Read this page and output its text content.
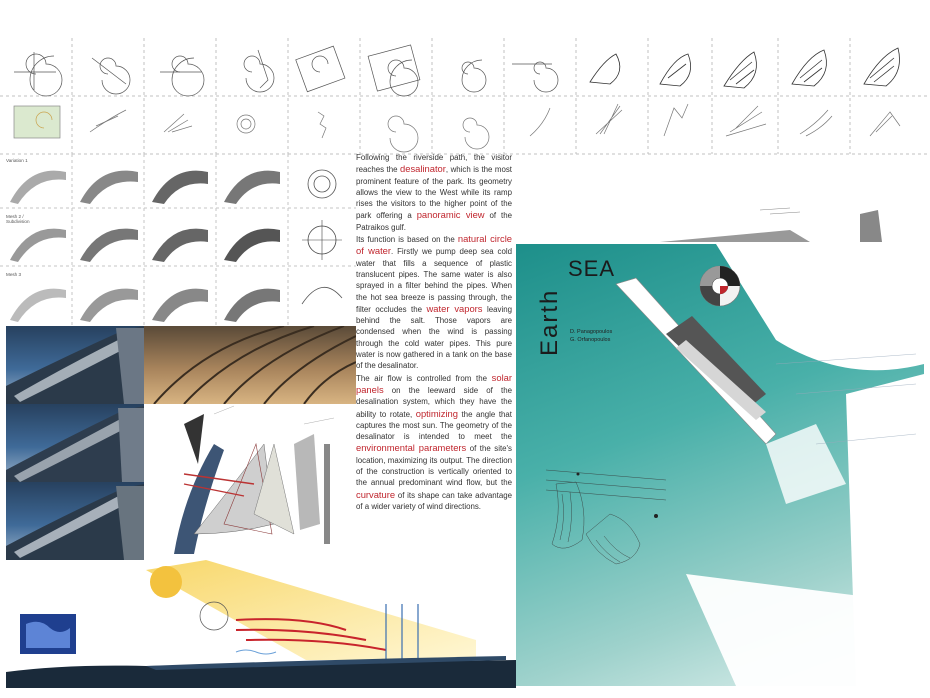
Variation 1
Mesh 2 / Subdivision
Mesh 3

Following the riverside path, the visitor reaches the desalinator, which is the most prominent feature of the park. Its geometry allows the view to the West while its ramp rises the visitors to the higher point of the park offering a panoramic view of the Patraikos gulf.

Its function is based on the natural circle of water. Firstly we pump deep sea cold water that fills a sequence of plastic translucent pipes. The same water is also sprayed in a filter behind the pipes. When the hot sea breeze is passing through, the filter occludes the water vapors leaving behind the salt. Those vapors are condensed when the wind is passing through the cold water pipes. This pure water is now gathered in a tank on the base of the desalinator.

The air flow is controlled from the solar panels on the leeward side of the desalination system, which they have the ability to rotate, optimizing the angle that captures the most sun. The geometry of the desalinator is intended to meet the environmental parameters of the site's location, maximizing its output. The direction of the construction is vertically oriented to the annual predominant wind flow, but the curvature of its shape can take advantage of a wider variety of wind directions.

Earth
SEA
D. Panagopoulos
G. Orfanopoulos
